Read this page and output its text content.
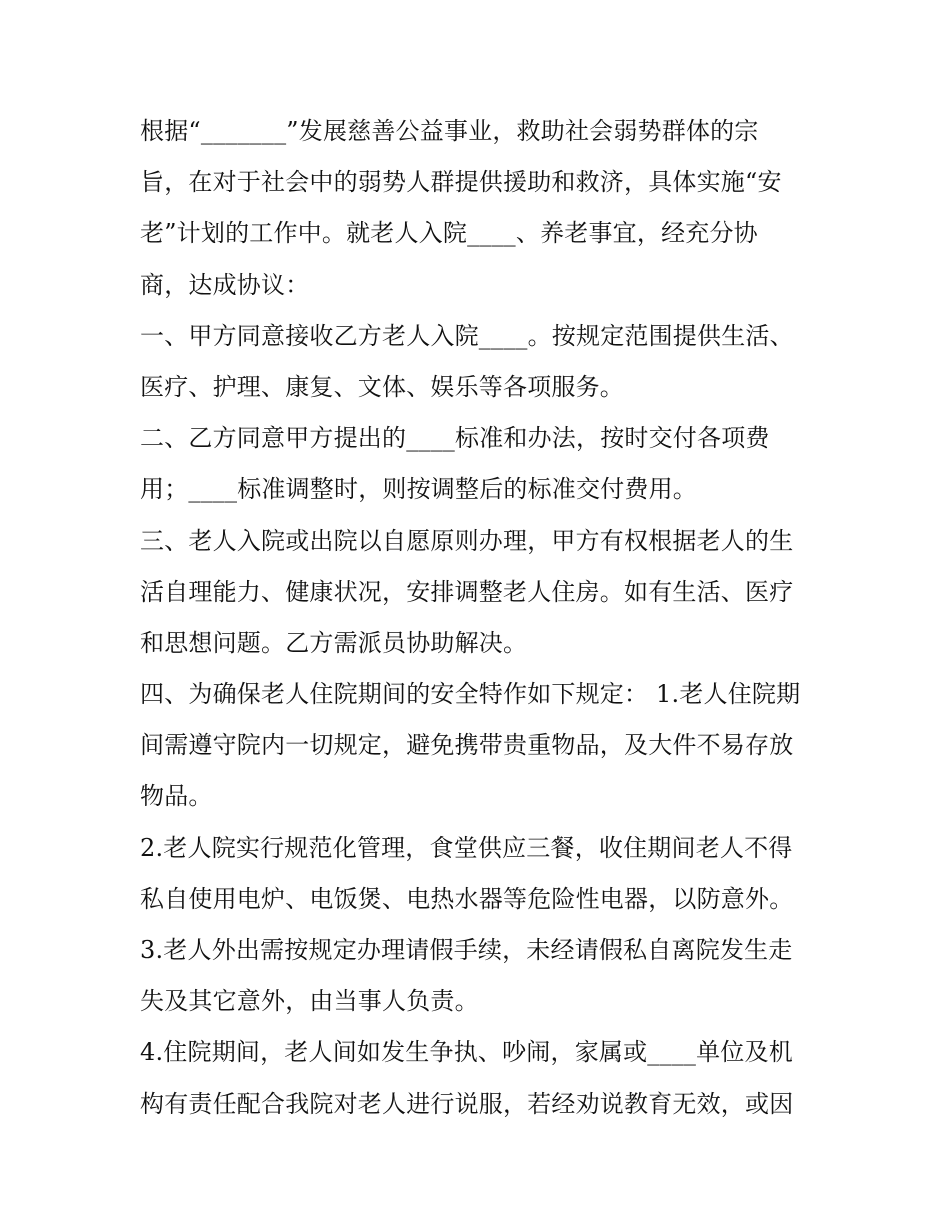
根据“_______”发展慈善公益事业，救助社会弱势群体的宗
旨，在对于社会中的弱势人群提供援助和救济，具体实施“安
老”计划的工作中。就老人入院____、养老事宜，经充分协
商，达成协议：
一、甲方同意接收乙方老人入院____。按规定范围提供生活、
医疗、护理、康复、文体、娱乐等各项服务。
二、乙方同意甲方提出的____标准和办法，按时交付各项费
用；____标准调整时，则按调整后的标准交付费用。
三、老人入院或出院以自愿原则办理，甲方有权根据老人的生
活自理能力、健康状况，安排调整老人住房。如有生活、医疗
和思想问题。乙方需派员协助解决。
四、为确保老人住院期间的安全特作如下规定： 1.老人住院期
间需遵守院内一切规定，避免携带贵重物品，及大件不易存放
物品。
2.老人院实行规范化管理，食堂供应三餐，收住期间老人不得
私自使用电炉、电饭煲、电热水器等危险性电器，以防意外。
3.老人外出需按规定办理请假手续，未经请假私自离院发生走
失及其它意外，由当事人负责。
4.住院期间，老人间如发生争执、吵闹，家属或____单位及机
构有责任配合我院对老人进行说服，若经劝说教育无效，或因
